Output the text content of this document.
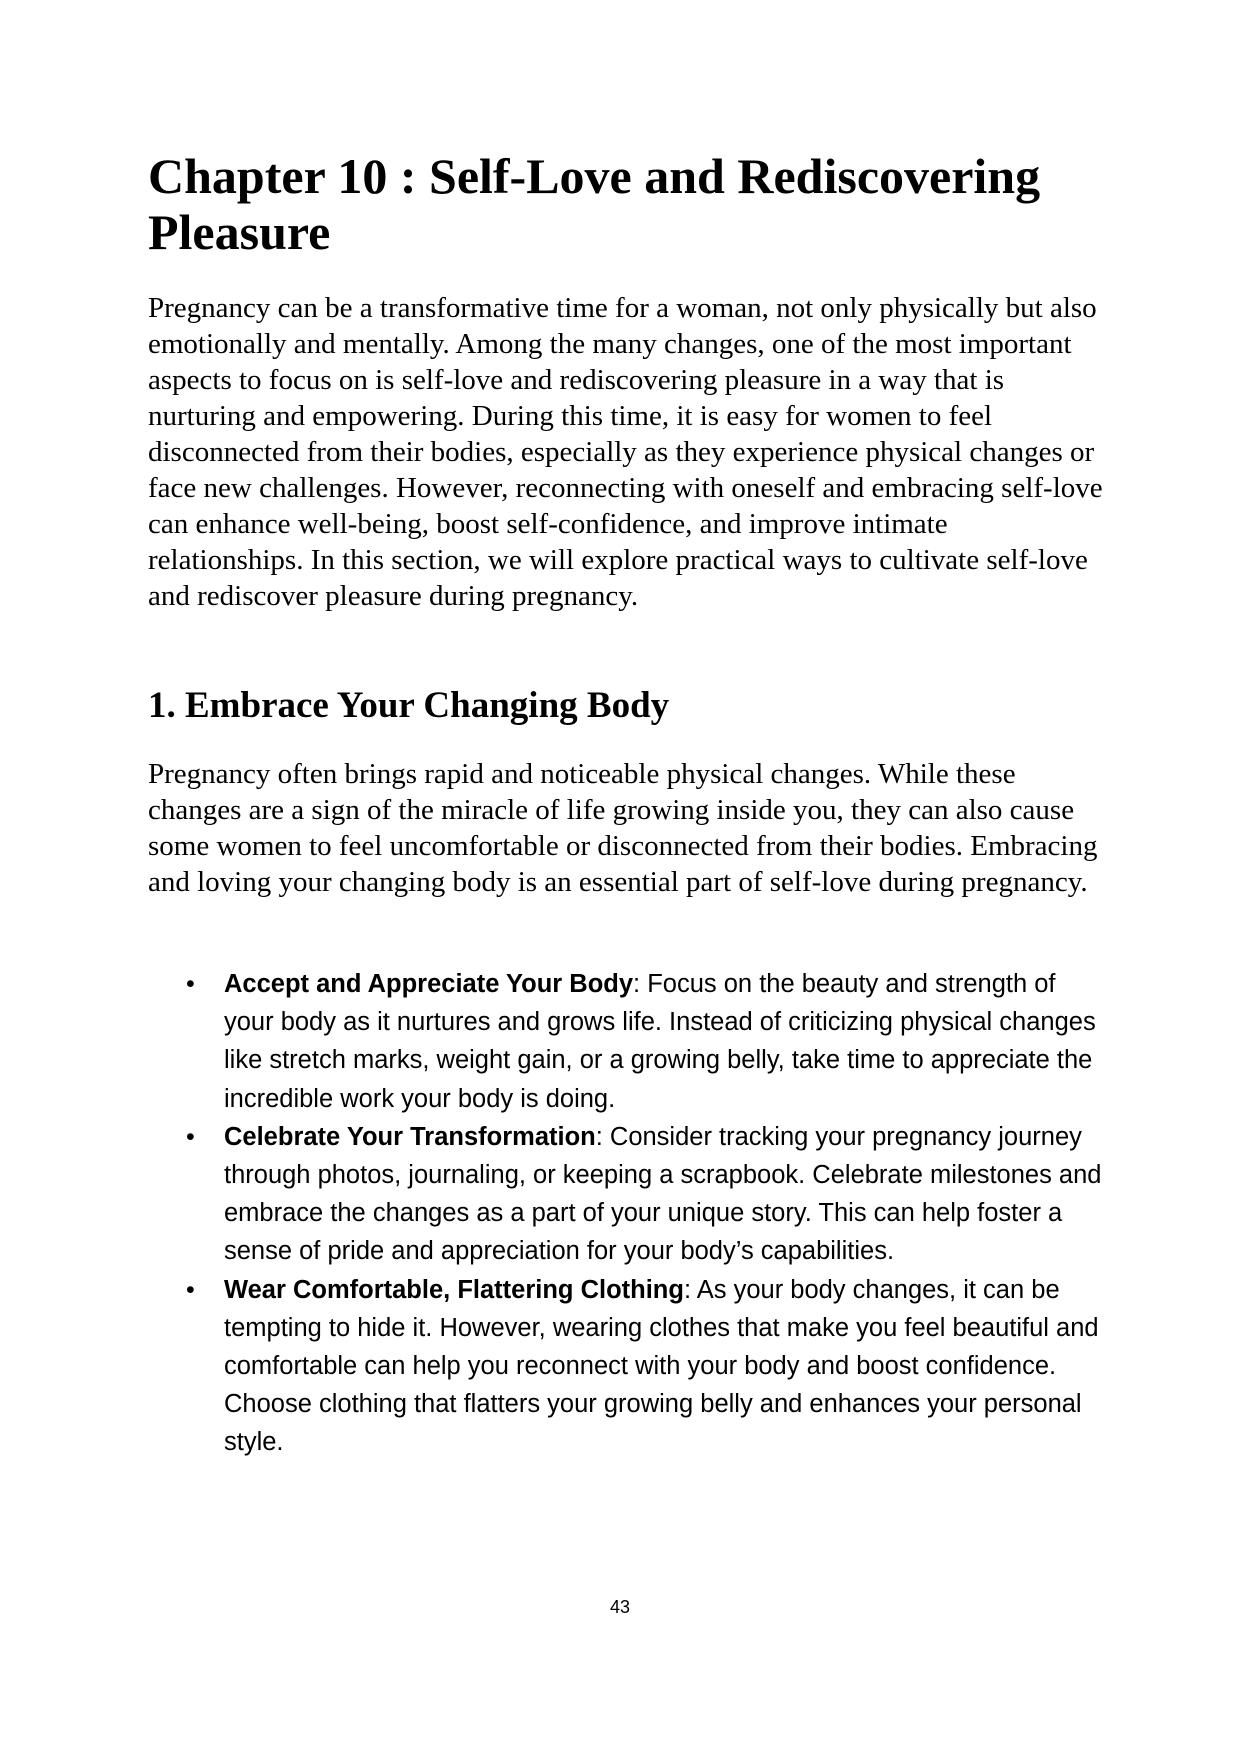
Chapter 10 : Self-Love and Rediscovering Pleasure

Pregnancy can be a transformative time for a woman, not only physically but also emotionally and mentally. Among the many changes, one of the most important aspects to focus on is self-love and rediscovering pleasure in a way that is nurturing and empowering. During this time, it is easy for women to feel disconnected from their bodies, especially as they experience physical changes or face new challenges. However, reconnecting with oneself and embracing self-love can enhance well-being, boost self-confidence, and improve intimate relationships. In this section, we will explore practical ways to cultivate self-love and rediscover pleasure during pregnancy.

1. Embrace Your Changing Body

Pregnancy often brings rapid and noticeable physical changes. While these changes are a sign of the miracle of life growing inside you, they can also cause some women to feel uncomfortable or disconnected from their bodies. Embracing and loving your changing body is an essential part of self-love during pregnancy.

• Accept and Appreciate Your Body: Focus on the beauty and strength of your body as it nurtures and grows life. Instead of criticizing physical changes like stretch marks, weight gain, or a growing belly, take time to appreciate the incredible work your body is doing.
• Celebrate Your Transformation: Consider tracking your pregnancy journey through photos, journaling, or keeping a scrapbook. Celebrate milestones and embrace the changes as a part of your unique story. This can help foster a sense of pride and appreciation for your body’s capabilities.
• Wear Comfortable, Flattering Clothing: As your body changes, it can be tempting to hide it. However, wearing clothes that make you feel beautiful and comfortable can help you reconnect with your body and boost confidence. Choose clothing that flatters your growing belly and enhances your personal style.
43
